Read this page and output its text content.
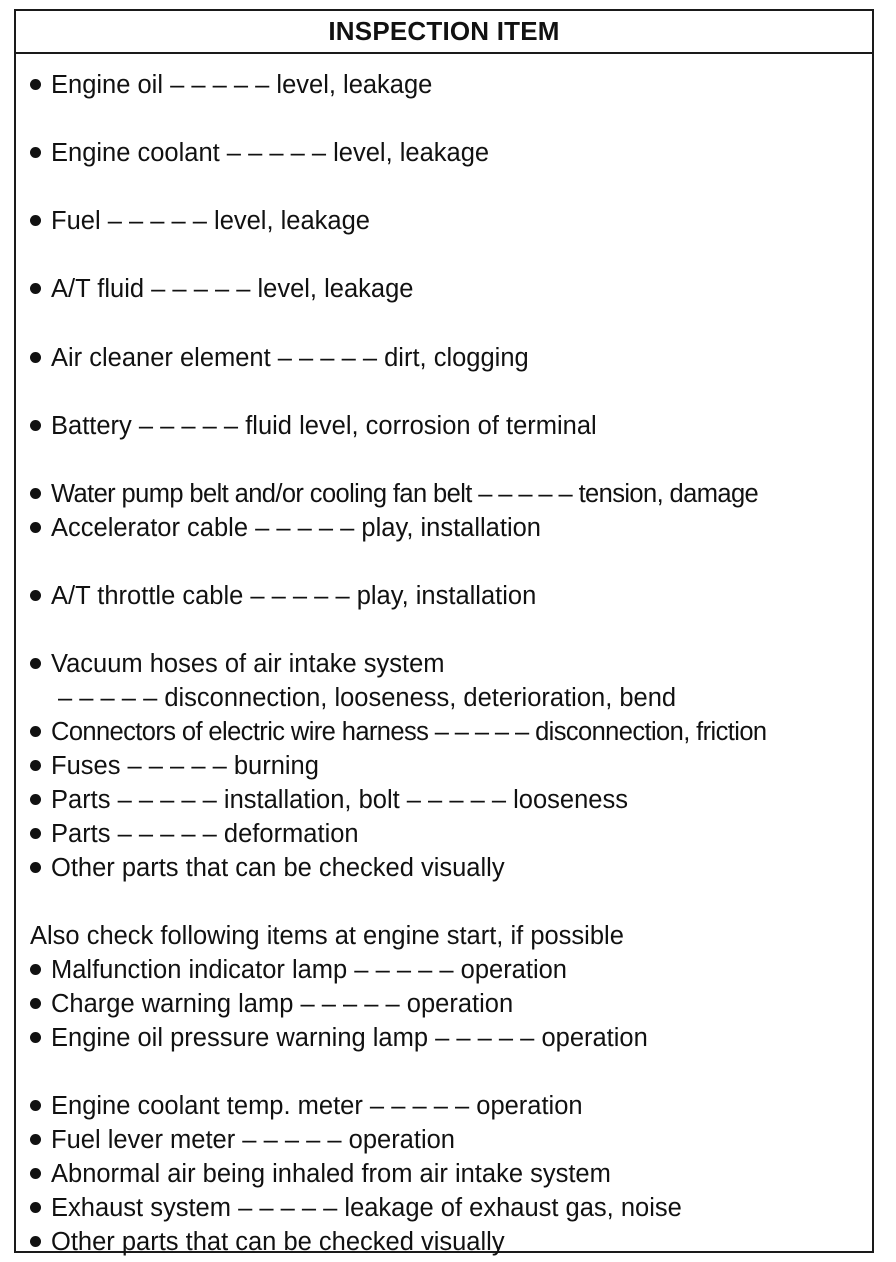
INSPECTION ITEM
Engine oil – – – – – level, leakage
Engine coolant – – – – – level, leakage
Fuel – – – – – level, leakage
A/T fluid – – – – – level, leakage
Air cleaner element – – – – – dirt, clogging
Battery – – – – – fluid level, corrosion of terminal
Water pump belt and/or cooling fan belt – – – – – tension, damage
Accelerator cable – – – – – play, installation
A/T throttle cable – – – – – play, installation
Vacuum hoses of air intake system
– – – – – disconnection, looseness, deterioration, bend
Connectors of electric wire harness – – – – – disconnection, friction
Fuses – – – – – burning
Parts – – – – – installation, bolt – – – – – looseness
Parts – – – – – deformation
Other parts that can be checked visually
Also check following items at engine start, if possible
Malfunction indicator lamp – – – – – operation
Charge warning lamp – – – – – operation
Engine oil pressure warning lamp – – – – – operation
Engine coolant temp. meter – – – – – operation
Fuel lever meter – – – – – operation
Abnormal air being inhaled from air intake system
Exhaust system – – – – – leakage of exhaust gas, noise
Other parts that can be checked visually
